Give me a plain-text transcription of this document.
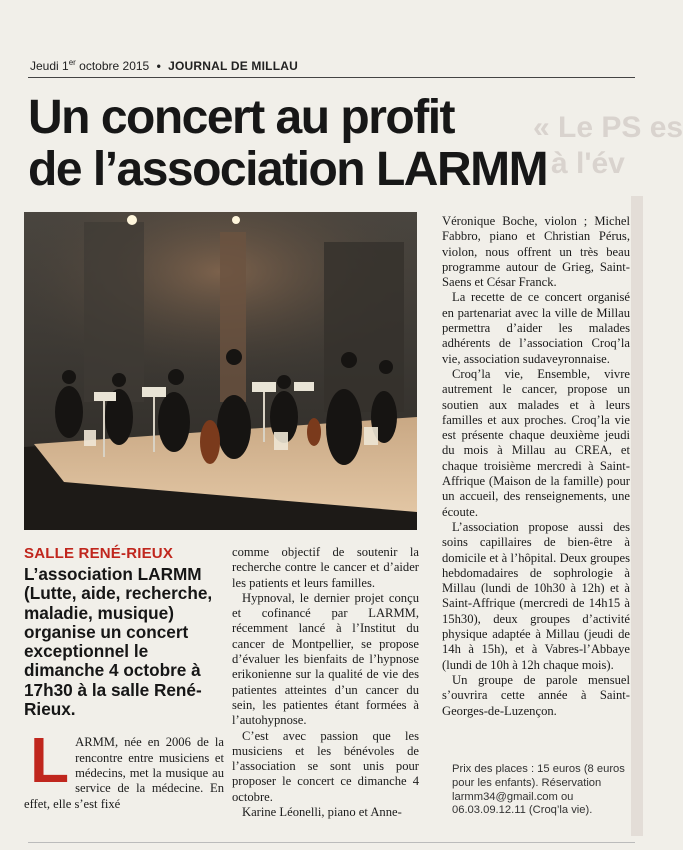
Jeudi 1er octobre 2015 • JOURNAL DE MILLAU
« Le PS es
à l'év
Un concert au profit
de l’association LARMM
SALLE RENÉ-RIEUX
L’association LARMM (Lutte, aide, recherche, maladie, musique) organise un concert exceptionnel le dimanche 4 octobre à 17h30 à la salle René-Rieux.
L ARMM, née en 2006 de la rencontre entre musiciens et médecins, met la musique au service de la médecine. En effet, elle s’est fixé

comme objectif de soutenir la recherche contre le cancer et d’aider les patients et leurs familles.

Hypnoval, le dernier projet conçu et cofinancé par LARMM, récemment lancé à l’Institut du cancer de Montpellier, se propose d’évaluer les bienfaits de l’hypnose erikonienne sur la qualité de vie des patientes atteintes d’un cancer du sein, les patientes étant formées à l’autohypnose.

C’est avec passion que les musiciens et les bénévoles de l’association se sont unis pour proposer le concert ce dimanche 4 octobre.

Karine Léonelli, piano et Anne-

Véronique Boche, violon ; Michel Fabbro, piano et Christian Pérus, violon, nous offrent un très beau programme autour de Grieg, Saint-Saens et César Franck.

La recette de ce concert organisé en partenariat avec la ville de Millau permettra d’aider les malades adhérents de l’association Croq’la vie, association sudaveyronnaise.

Croq’la vie, Ensemble, vivre autrement le cancer, propose un soutien aux malades et à leurs familles et aux proches. Croq’la vie est présente chaque deuxième jeudi du mois à Millau au CREA, et chaque troisième mercredi à Saint-Affrique (Maison de la famille) pour un accueil, des renseignements, une écoute.

L’association propose aussi des soins capillaires de bien-être à domicile et à l’hôpital. Deux groupes hebdomadaires de sophrologie à Millau (lundi de 10h30 à 12h) et à Saint-Affrique (mercredi de 14h15 à 15h30), deux groupes d’activité physique adaptée à Millau (jeudi de 14h à 15h), et à Vabres-l’Abbaye (lundi de 10h à 12h chaque mois).

Un groupe de parole mensuel s’ouvrira cette année à Saint-Georges-de-Luzençon.

Prix des places : 15 euros (8 euros pour les enfants). Réservation larmm34@gmail.com ou 06.03.09.12.11 (Croq’la vie).
